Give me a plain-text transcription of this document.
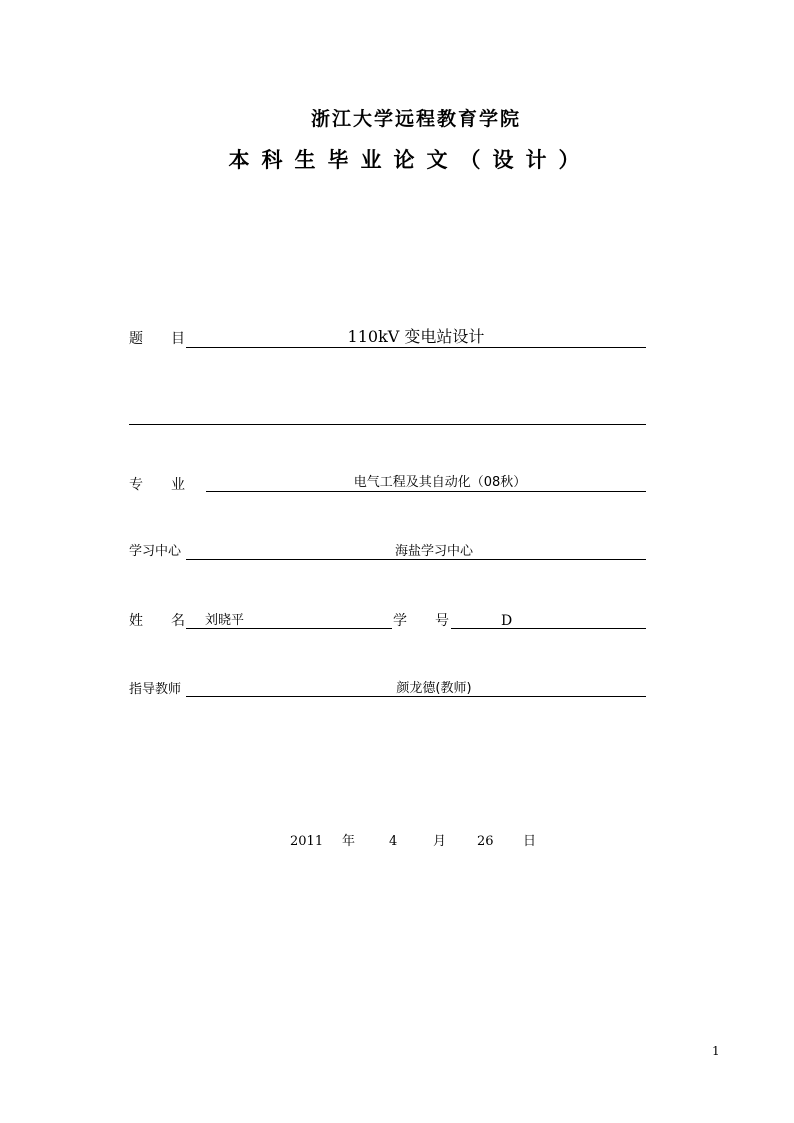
浙江大学远程教育学院
本科生毕业论文（设计）
题 目	110kV 变电站设计
专 业	电气工程及其自动化（08秋）
学习中心	海盐学习中心
姓 名 刘晓平	学 号	D
指导教师	颜龙德(教师)
2011 年	4	月 26 日
1
